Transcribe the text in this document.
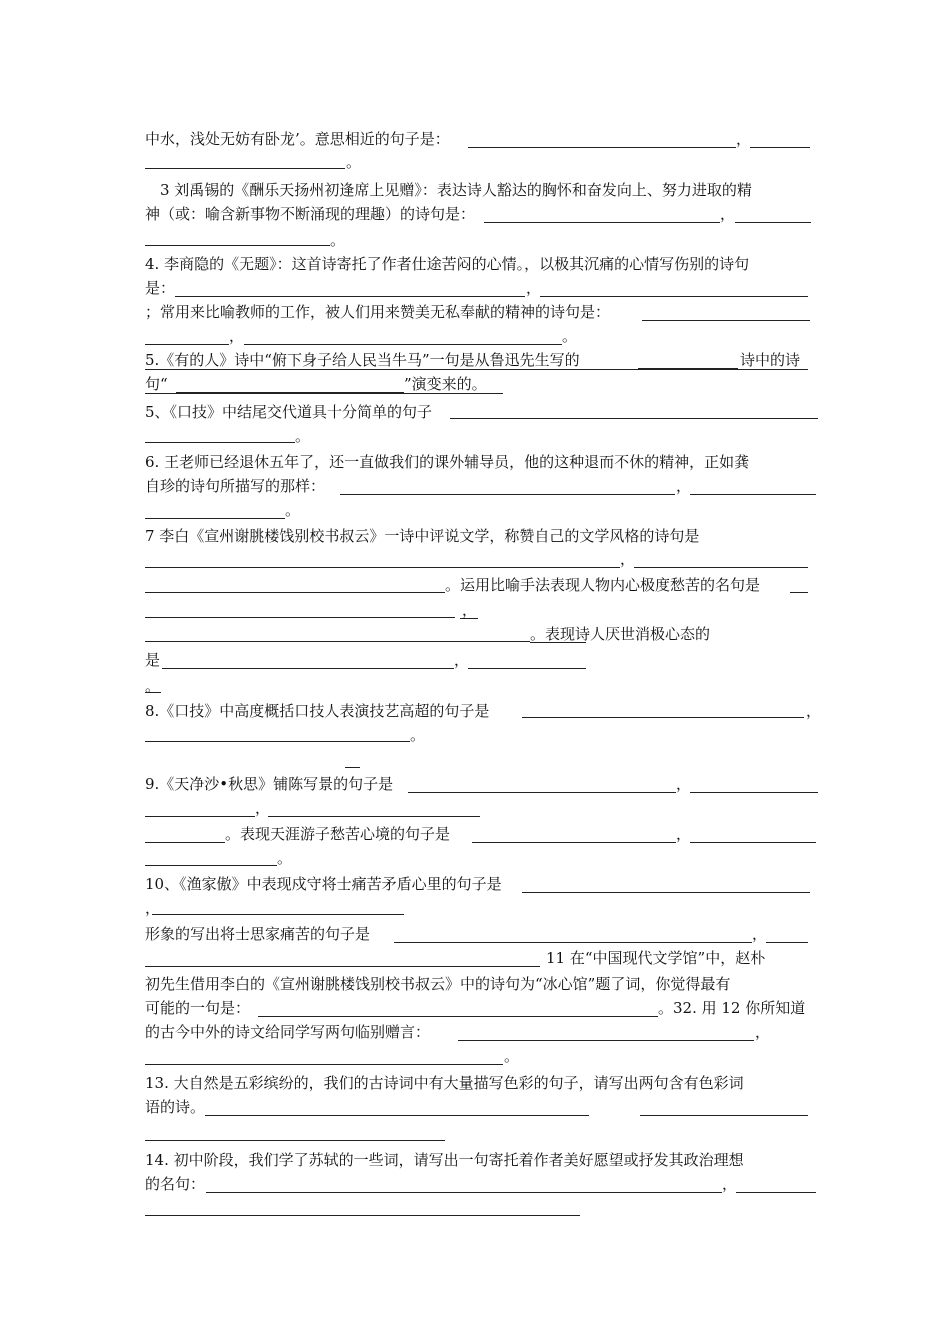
中水，浅处无妨有卧龙’。意思相近的句子是：	，
。
3 刘禹锡的《酬乐天扬州初逢席上见赠》：表达诗人豁达的胸怀和奋发向上、努力进取的精
神（或：喻含新事物不断涌现的理趣）的诗句是：	，
。
4. 李商隐的《无题》：这首诗寄托了作者仕途苦闷的心情。，以极其沉痛的心情写伤别的诗句
是：	，
；常用来比喻教师的工作，被人们用来赞美无私奉献的精神的诗句是：
，	。
5.《有的人》诗中“俯下身子给人民当牛马”一句是从鲁迅先生写的	诗中的诗
句“	”演变来的。
5、《口技》中结尾交代道具十分简单的句子
。
6. 王老师已经退休五年了，还一直做我们的课外辅导员，他的这种退而不休的精神，正如龚
自珍的诗句所描写的那样：	，
。
7 李白《宣州谢朓楼饯别校书叔云》一诗中评说文学，称赞自己的文学风格的诗句是
，
。运用比喻手法表现人物内心极度愁苦的名句是
，
。表现诗人厌世消极心态的
是	，
。
8.《口技》中高度概括口技人表演技艺高超的句子是	，
。
9.《天净沙•秋思》铺陈写景的句子是	，
，
。表现天涯游子愁苦心境的句子是	，
。
10、《渔家傲》中表现戍守将士痛苦矛盾心里的句子是
，
形象的写出将士思家痛苦的句子是	，
11 在“中国现代文学馆”中，赵朴
初先生借用李白的《宣州谢朓楼饯别校书叔云》中的诗句为“冰心馆”题了词，你觉得最有
可能的一句是：	。32. 用 12 你所知道
的古今中外的诗文给同学写两句临别赠言：	，
。
13. 大自然是五彩缤纷的，我们的古诗词中有大量描写色彩的句子，请写出两句含有色彩词
语的诗。
14. 初中阶段，我们学了苏轼的一些词，请写出一句寄托着作者美好愿望或抒发其政治理想
的名句：	，
